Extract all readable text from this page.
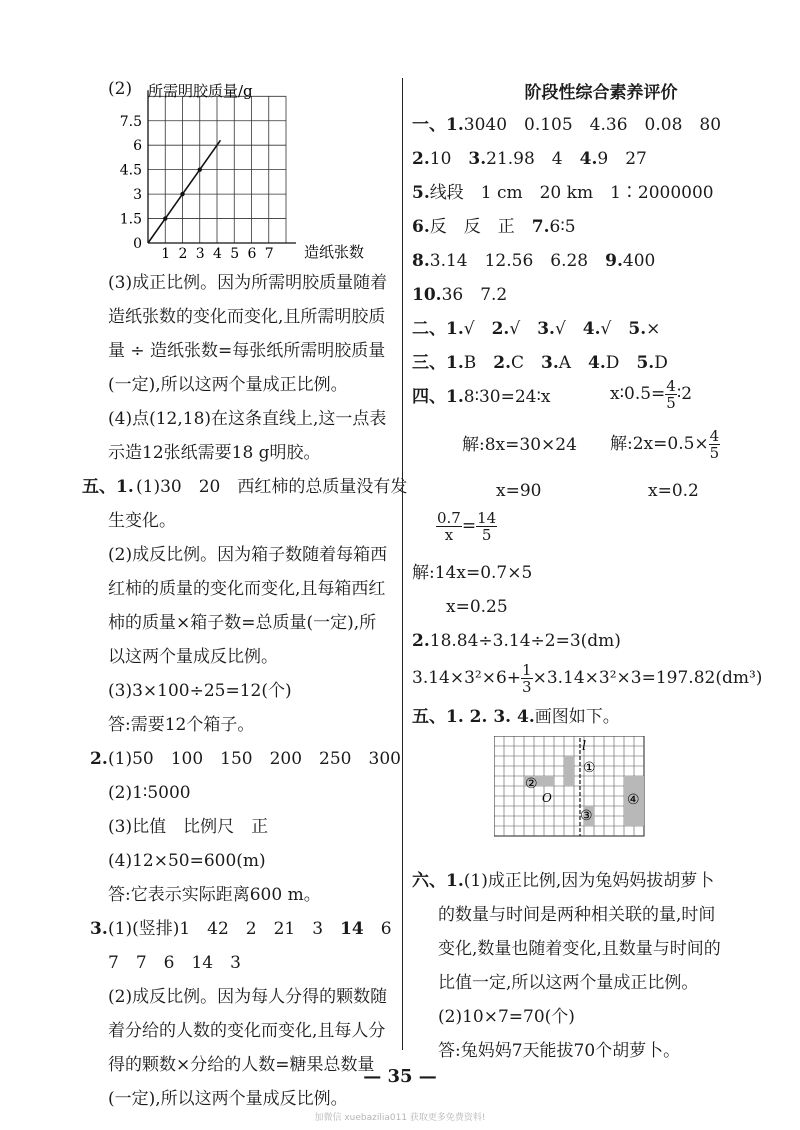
(2)
1 2 3 4 5 6 7
0
1.5
3
4.5
6
7.5
所需明胶质量/g
造纸张数
(3)成正比例。因为所需明胶质量随着
造纸张数的变化而变化,且所需明胶质
量 ÷ 造纸张数=每张纸所需明胶质量
(一定),所以这两个量成正比例。
(4)点(12,18)在这条直线上,这一点表
示造12张纸需要18 g明胶。
五、1. (1)30　20　西红柿的总质量没有发
生变化。
(2)成反比例。因为箱子数随着每箱西
红柿的质量的变化而变化,且每箱西红
柿的质量×箱子数=总质量(一定),所
以这两个量成反比例。
(3)3×100÷25=12(个)
答:需要12个箱子。
2. (1)50　100　150　200　250　300
(2)1∶5000
(3)比值　比例尺　正
(4)12×50=600(m)
答:它表示实际距离600 m。
3. (1)(竖排)1　42　2　21　3　14　6
7　7　6　14　3
(2)成反比例。因为每人分得的颗数随
着分给的人数的变化而变化,且每人分
得的颗数×分给的人数=糖果总数量
(一定),所以这两个量成反比例。
阶段性综合素养评价
一、1.3040　0.105　4.36　0.08　80
2.10　3.21.98　4　4.9　27
5.线段　1 cm　20 km　1∶2000000
6.反　反　正　7.6∶5
8.3.14　12.56　6.28　9.400
10.36　7.2
二、1.√　2.√　3.√　4.√　5.×
三、1.B　2.C　3.A　4.D　5.D
四、1.8∶30=24∶x	x∶0.5= $\frac{4}{5}$ ∶2
解:8x=30×24 解:2x=0.5× $\frac{4}{5}$
x=90	x=0.2
$\frac{0.7}{x} = \frac{14}{5}$
解:14x=0.7×5
x=0.25
2.18.84÷3.14÷2=3(dm)
$3.14\times 3^2\times 6+ \frac{1}{3} \times 3.14\times 3^2\times 3=197.82(dm^3)$
五、1. 2. 3. 4.画图如下。
l
O
①
②
③
④
六、1.(1)成正比例,因为兔妈妈拔胡萝卜
的数量与时间是两种相关联的量,时间
变化,数量也随着变化,且数量与时间的
比值一定,所以这两个量成正比例。
(2)10×7=70(个)
答:兔妈妈7天能拔70个胡萝卜。
— 35 —
加微信 xuebazilia011 获取更多免费资料!
